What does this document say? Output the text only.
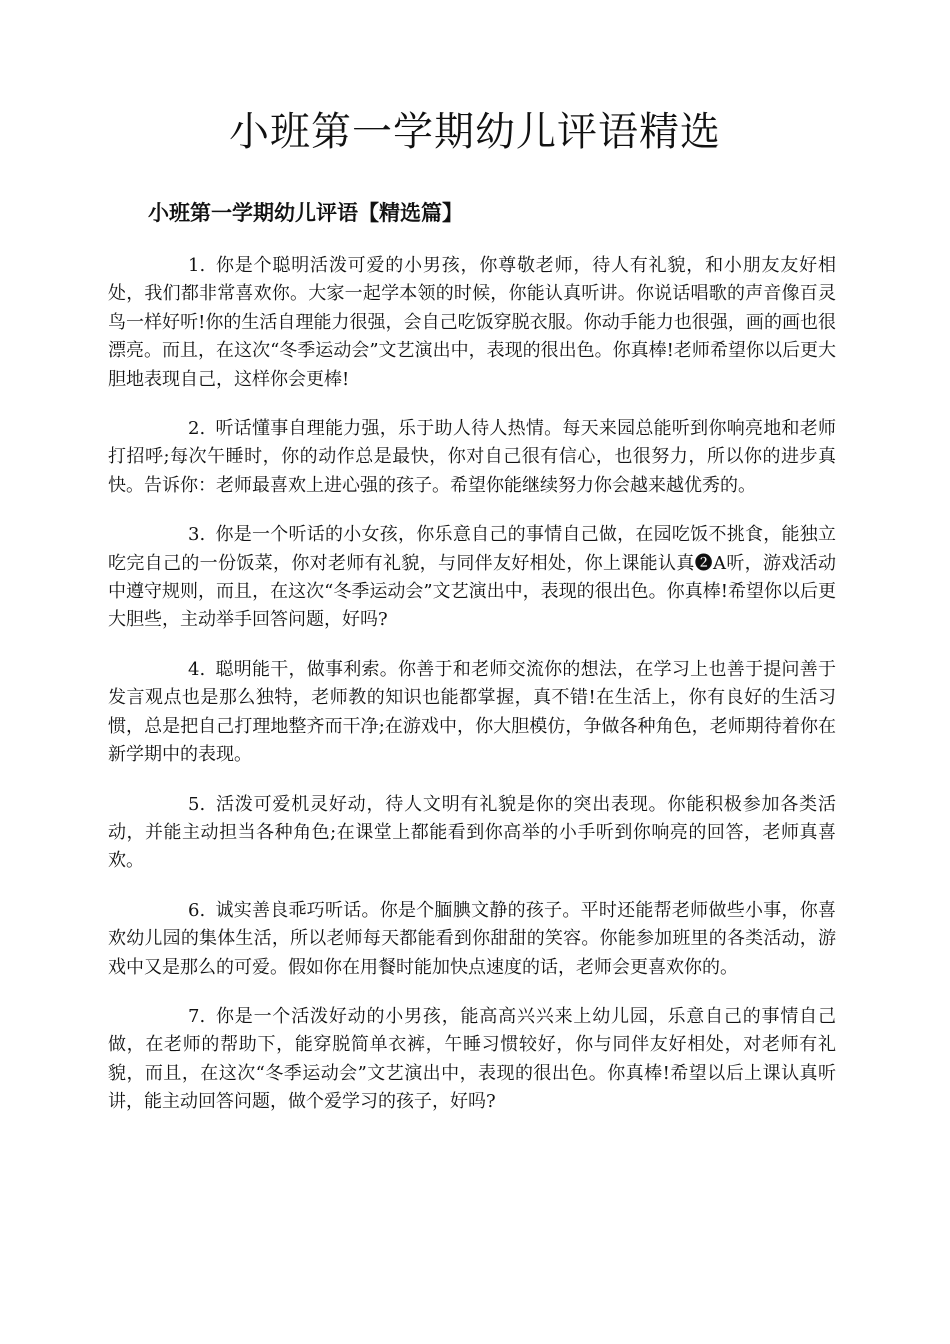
小班第一学期幼儿评语精选
小班第一学期幼儿评语【精选篇】

1. 你是个聪明活泼可爱的小男孩，你尊敬老师，待人有礼貌，和小朋友友好相处，我们都非常喜欢你。大家一起学本领的时候，你能认真听讲。你说话唱歌的声音像百灵鸟一样好听!你的生活自理能力很强，会自己吃饭穿脱衣服。你动手能力也很强，画的画也很漂亮。而且，在这次“冬季运动会”文艺演出中，表现的很出色。你真棒!老师希望你以后更大胆地表现自己，这样你会更棒!

2. 听话懂事自理能力强，乐于助人待人热情。每天来园总能听到你响亮地和老师打招呼;每次午睡时，你的动作总是最快，你对自己很有信心，也很努力，所以你的进步真快。告诉你：老师最喜欢上进心强的孩子。希望你能继续努力你会越来越优秀的。

3. 你是一个听话的小女孩，你乐意自己的事情自己做，在园吃饭不挑食，能独立吃完自己的一份饭菜，你对老师有礼貌，与同伴友好相处，你上课能认真❷A听，游戏活动中遵守规则，而且，在这次“冬季运动会”文艺演出中，表现的很出色。你真棒!希望你以后更大胆些，主动举手回答问题，好吗?

4. 聪明能干，做事利索。你善于和老师交流你的想法，在学习上也善于提问善于发言观点也是那么独特，老师教的知识也能都掌握，真不错!在生活上，你有良好的生活习惯，总是把自己打理地整齐而干净;在游戏中，你大胆模仿，争做各种角色，老师期待着你在新学期中的表现。

5. 活泼可爱机灵好动，待人文明有礼貌是你的突出表现。你能积极参加各类活动，并能主动担当各种角色;在课堂上都能看到你高举的小手听到你响亮的回答，老师真喜欢。

6. 诚实善良乖巧听话。你是个腼腆文静的孩子。平时还能帮老师做些小事，你喜欢幼儿园的集体生活，所以老师每天都能看到你甜甜的笑容。你能参加班里的各类活动，游戏中又是那么的可爱。假如你在用餐时能加快点速度的话，老师会更喜欢你的。

7. 你是一个活泼好动的小男孩，能高高兴兴来上幼儿园，乐意自己的事情自己做，在老师的帮助下，能穿脱简单衣裤，午睡习惯较好，你与同伴友好相处，对老师有礼貌，而且，在这次“冬季运动会”文艺演出中，表现的很出色。你真棒!希望以后上课认真听讲，能主动回答问题，做个爱学习的孩子，好吗?
